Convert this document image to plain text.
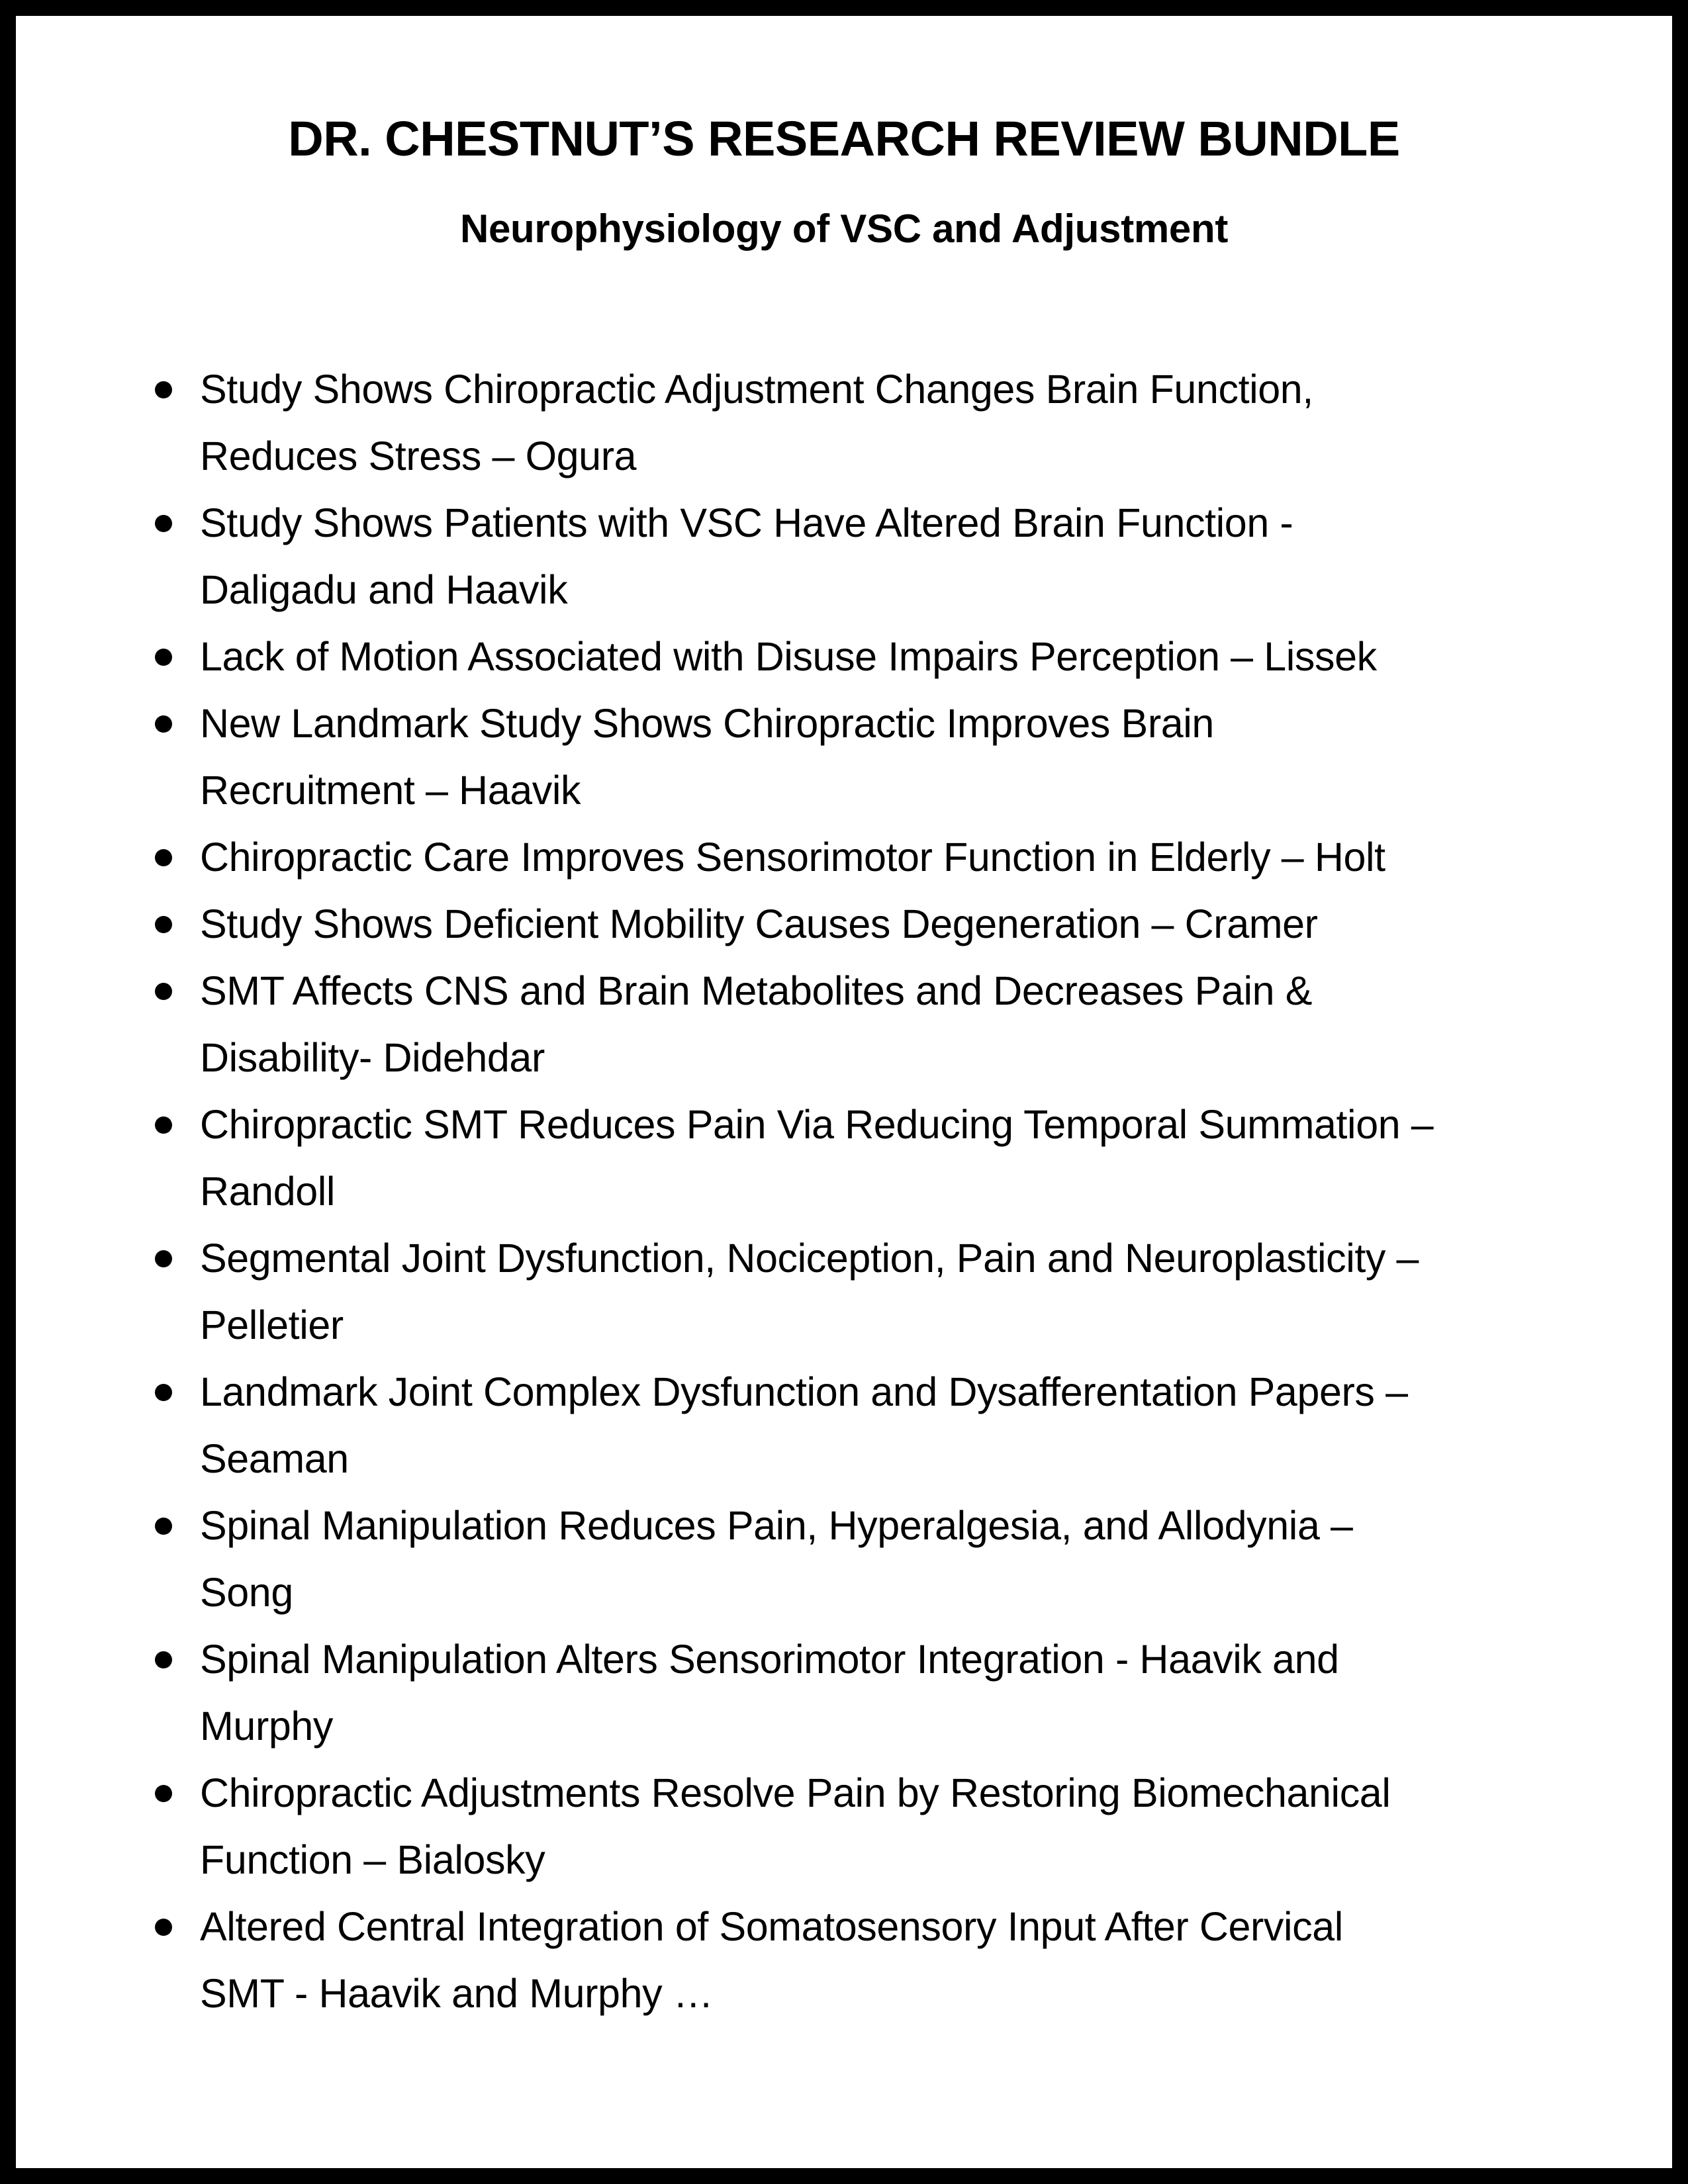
DR. CHESTNUT’S RESEARCH REVIEW BUNDLE
Neurophysiology of VSC and Adjustment
Study Shows Chiropractic Adjustment Changes Brain Function,
Reduces Stress – Ogura
Study Shows Patients with VSC Have Altered Brain Function -
Daligadu and Haavik
Lack of Motion Associated with Disuse Impairs Perception – Lissek
New Landmark Study Shows Chiropractic Improves Brain
Recruitment – Haavik
Chiropractic Care Improves Sensorimotor Function in Elderly – Holt
Study Shows Deficient Mobility Causes Degeneration – Cramer
SMT Affects CNS and Brain Metabolites and Decreases Pain &
Disability- Didehdar
Chiropractic SMT Reduces Pain Via Reducing Temporal Summation –
Randoll
Segmental Joint Dysfunction, Nociception, Pain and Neuroplasticity –
Pelletier
Landmark Joint Complex Dysfunction and Dysafferentation Papers –
Seaman
Spinal Manipulation Reduces Pain, Hyperalgesia, and Allodynia –
Song
Spinal Manipulation Alters Sensorimotor Integration - Haavik and
Murphy
Chiropractic Adjustments Resolve Pain by Restoring Biomechanical
Function – Bialosky
Altered Central Integration of Somatosensory Input After Cervical
SMT - Haavik and Murphy …
